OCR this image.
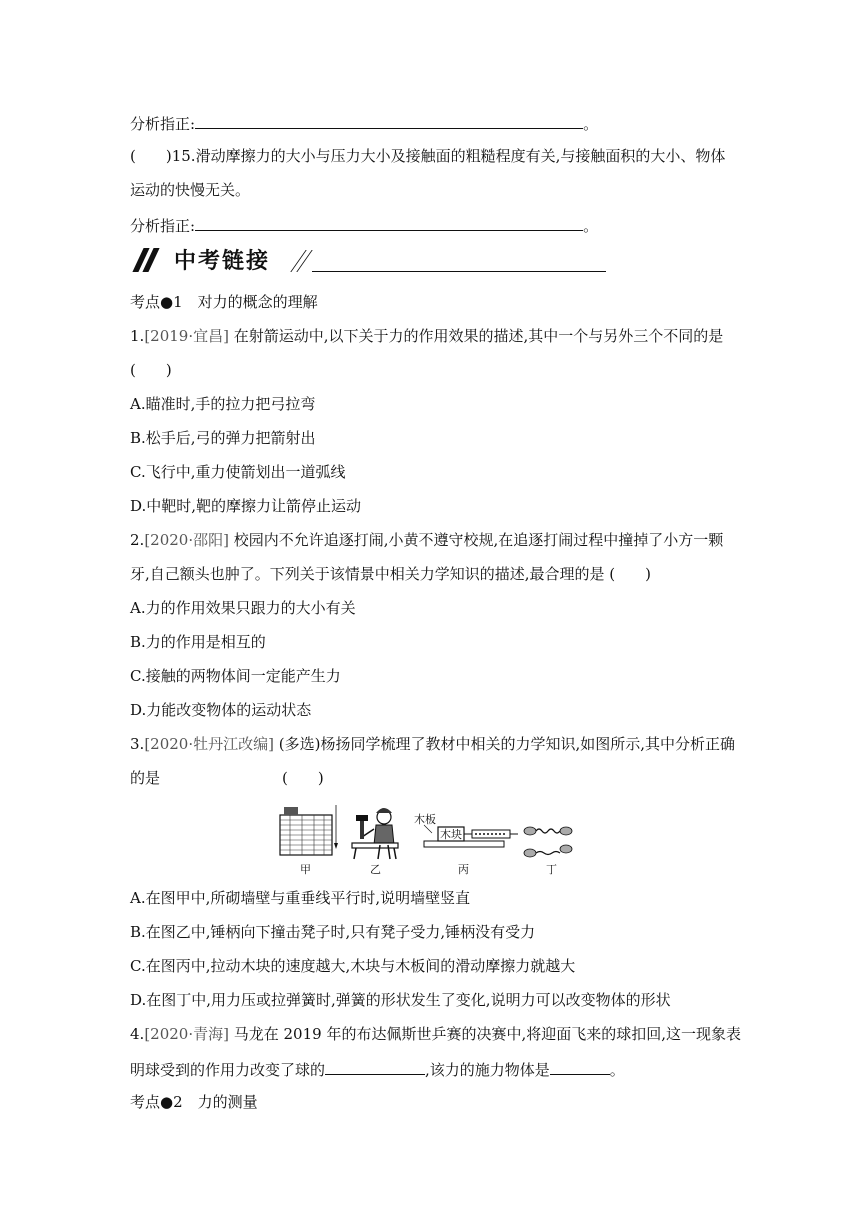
分析指正:	。
(　　)15.滑动摩擦力的大小与压力大小及接触面的粗糙程度有关,与接触面积的大小、物体
运动的快慢无关。
分析指正:	。
中考链接
考点●1　对力的概念的理解
1.[2019·宜昌] 在射箭运动中,以下关于力的作用效果的描述,其中一个与另外三个不同的是
(　　)
A.瞄准时,手的拉力把弓拉弯
B.松手后,弓的弹力把箭射出
C.飞行中,重力使箭划出一道弧线
D.中靶时,靶的摩擦力让箭停止运动
2.[2020·邵阳] 校园内不允许追逐打闹,小黄不遵守校规,在追逐打闹过程中撞掉了小方一颗
牙,自己额头也肿了。下列关于该情景中相关力学知识的描述,最合理的是 (　　)
A.力的作用效果只跟力的大小有关
B.力的作用是相互的
C.接触的两物体间一定能产生力
D.力能改变物体的运动状态
3.[2020·牡丹江改编] (多选)杨扬同学梳理了教材中相关的力学知识,如图所示,其中分析正确
的是	(　　)
甲	乙
木板
木块
丙	丁
A.在图甲中,所砌墙壁与重垂线平行时,说明墙壁竖直
B.在图乙中,锤柄向下撞击凳子时,只有凳子受力,锤柄没有受力
C.在图丙中,拉动木块的速度越大,木块与木板间的滑动摩擦力就越大
D.在图丁中,用力压或拉弹簧时,弹簧的形状发生了变化,说明力可以改变物体的形状
4.[2020·青海] 马龙在 2019 年的布达佩斯世乒赛的决赛中,将迎面飞来的球扣回,这一现象表
明球受到的作用力改变了球的	,该力的施力物体是	。
考点●2　力的测量
